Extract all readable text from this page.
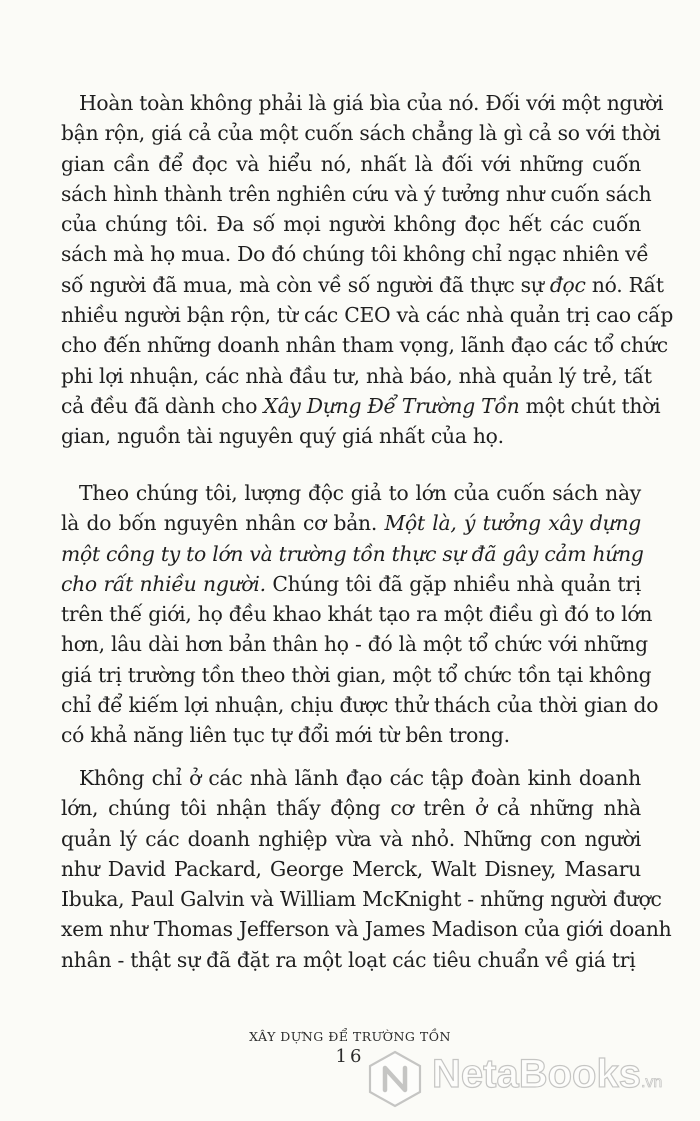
Hoàn toàn không phải là giá bìa của nó. Đối với một người
bận rộn, giá cả của một cuốn sách chẳng là gì cả so với thời
gian cần để đọc và hiểu nó, nhất là đối với những cuốn
sách hình thành trên nghiên cứu và ý tưởng như cuốn sách
của chúng tôi. Đa số mọi người không đọc hết các cuốn
sách mà họ mua. Do đó chúng tôi không chỉ ngạc nhiên về
số người đã mua, mà còn về số người đã thực sự đọc nó. Rất
nhiều người bận rộn, từ các CEO và các nhà quản trị cao cấp
cho đến những doanh nhân tham vọng, lãnh đạo các tổ chức
phi lợi nhuận, các nhà đầu tư, nhà báo, nhà quản lý trẻ, tất
cả đều đã dành cho Xây Dựng Để Trường Tồn một chút thời
gian, nguồn tài nguyên quý giá nhất của họ.
Theo chúng tôi, lượng độc giả to lớn của cuốn sách này
là do bốn nguyên nhân cơ bản. Một là, ý tưởng xây dựng
một công ty to lớn và trường tồn thực sự đã gây cảm hứng
cho rất nhiều người. Chúng tôi đã gặp nhiều nhà quản trị
trên thế giới, họ đều khao khát tạo ra một điều gì đó to lớn
hơn, lâu dài hơn bản thân họ - đó là một tổ chức với những
giá trị trường tồn theo thời gian, một tổ chức tồn tại không
chỉ để kiếm lợi nhuận, chịu được thử thách của thời gian do
có khả năng liên tục tự đổi mới từ bên trong.
Không chỉ ở các nhà lãnh đạo các tập đoàn kinh doanh
lớn, chúng tôi nhận thấy động cơ trên ở cả những nhà
quản lý các doanh nghiệp vừa và nhỏ. Những con người
như David Packard, George Merck, Walt Disney, Masaru
Ibuka, Paul Galvin và William McKnight - những người được
xem như Thomas Jefferson và James Madison của giới doanh
nhân - thật sự đã đặt ra một loạt các tiêu chuẩn về giá trị
XÂY DỰNG ĐỂ TRƯỜNG TỒN
16	NetaBooks.vn
